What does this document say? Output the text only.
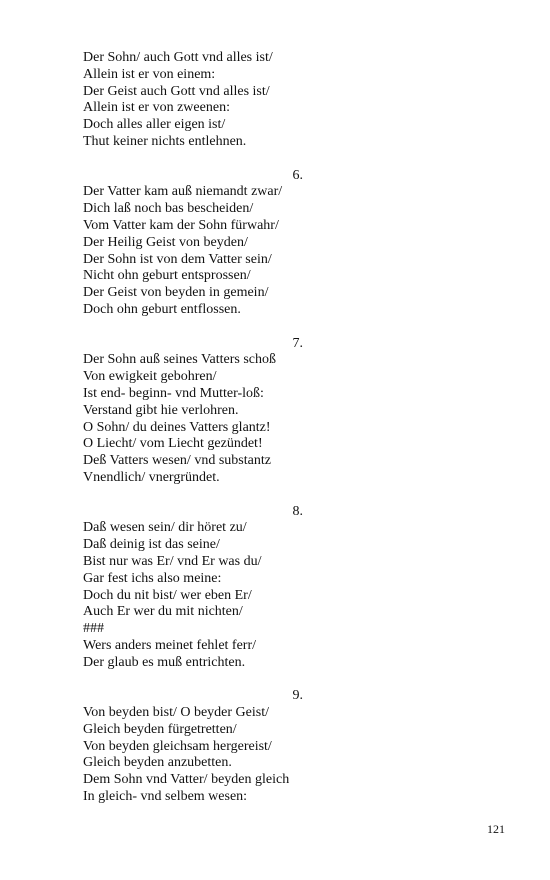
Der Sohn/ auch Gott vnd alles ist/
Allein ist er von einem:
Der Geist auch Gott vnd alles ist/
Allein ist er von zweenen:
Doch alles aller eigen ist/
Thut keiner nichts entlehnen.
6.
Der Vatter kam auß niemandt zwar/
Dich laß noch bas bescheiden/
Vom Vatter kam der Sohn fürwahr/
Der Heilig Geist von beyden/
Der Sohn ist von dem Vatter sein/
Nicht ohn geburt entsprossen/
Der Geist von beyden in gemein/
Doch ohn geburt entflossen.
7.
Der Sohn auß seines Vatters schoß
Von ewigkeit gebohren/
Ist end- beginn- vnd Mutter-loß:
Verstand gibt hie verlohren.
O Sohn/ du deines Vatters glantz!
O Liecht/ vom Liecht gezündet!
Deß Vatters wesen/ vnd substantz
Vnendlich/ vnergründet.
8.
Daß wesen sein/ dir höret zu/
Daß deinig ist das seine/
Bist nur was Er/ vnd Er was du/
Gar fest ichs also meine:
Doch du nit bist/ wer eben Er/
Auch Er wer du mit nichten/
###
Wers anders meinet fehlet ferr/
Der glaub es muß entrichten.
9.
Von beyden bist/ O beyder Geist/
Gleich beyden fürgetretten/
Von beyden gleichsam hergereist/
Gleich beyden anzubetten.
Dem Sohn vnd Vatter/ beyden gleich
In gleich- vnd selbem wesen:
121
